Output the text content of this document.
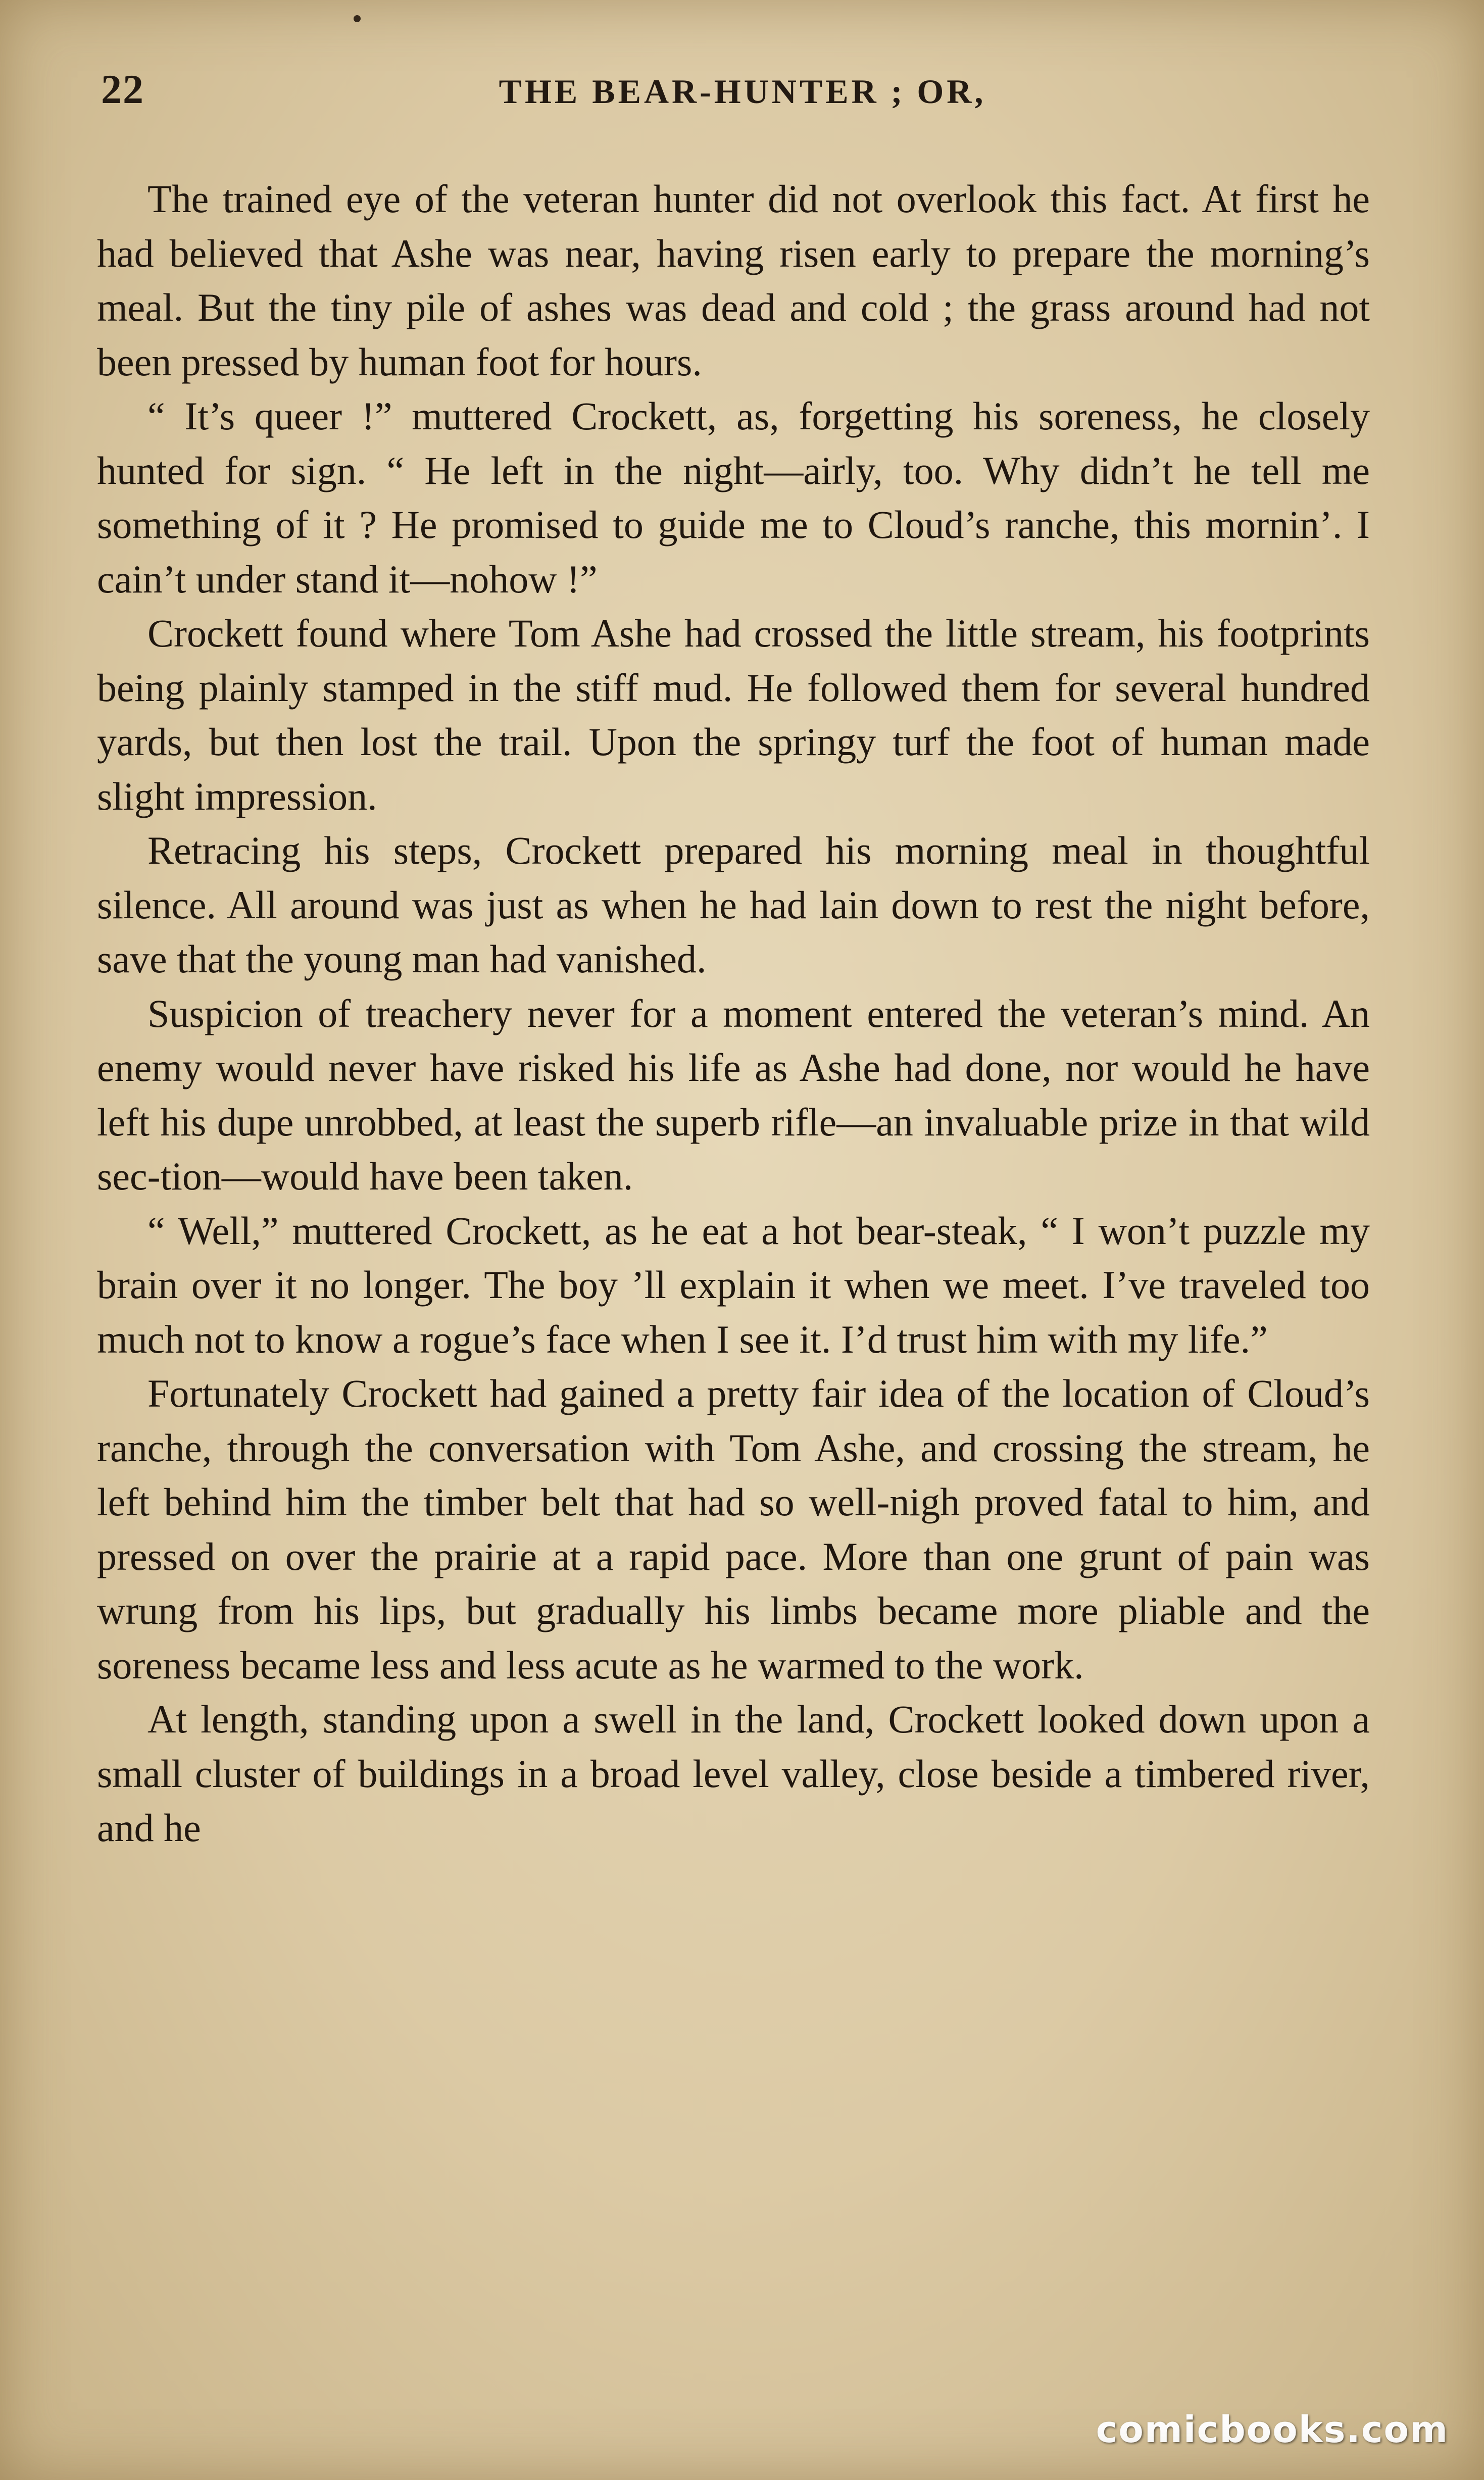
22	THE BEAR-HUNTER ; OR,

The trained eye of the veteran hunter did not overlook this fact. At first he had believed that Ashe was near, having risen early to prepare the morning’s meal. But the tiny pile of ashes was dead and cold ; the grass around had not been pressed by human foot for hours.

“ It’s queer !” muttered Crockett, as, forgetting his soreness, he closely hunted for sign. “ He left in the night—airly, too. Why didn’t he tell me something of it ? He promised to guide me to Cloud’s ranche, this mornin’. I cain’t under stand it—nohow !”

Crockett found where Tom Ashe had crossed the little stream, his footprints being plainly stamped in the stiff mud. He followed them for several hundred yards, but then lost the trail. Upon the springy turf the foot of human made slight impression.

Retracing his steps, Crockett prepared his morning meal in thoughtful silence. All around was just as when he had lain down to rest the night before, save that the young man had vanished.

Suspicion of treachery never for a moment entered the veteran’s mind. An enemy would never have risked his life as Ashe had done, nor would he have left his dupe unrobbed, at least the superb rifle—an invaluable prize in that wild sec-tion—would have been taken.

“ Well,” muttered Crockett, as he eat a hot bear-steak, “ I won’t puzzle my brain over it no longer. The boy ’ll explain it when we meet. I’ve traveled too much not to know a rogue’s face when I see it. I’d trust him with my life.”

Fortunately Crockett had gained a pretty fair idea of the location of Cloud’s ranche, through the conversation with Tom Ashe, and crossing the stream, he left behind him the timber belt that had so well-nigh proved fatal to him, and pressed on over the prairie at a rapid pace. More than one grunt of pain was wrung from his lips, but gradually his limbs became more pliable and the soreness became less and less acute as he warmed to the work.

At length, standing upon a swell in the land, Crockett looked down upon a small cluster of buildings in a broad level valley, close beside a timbered river, and he

comicbooks.com
